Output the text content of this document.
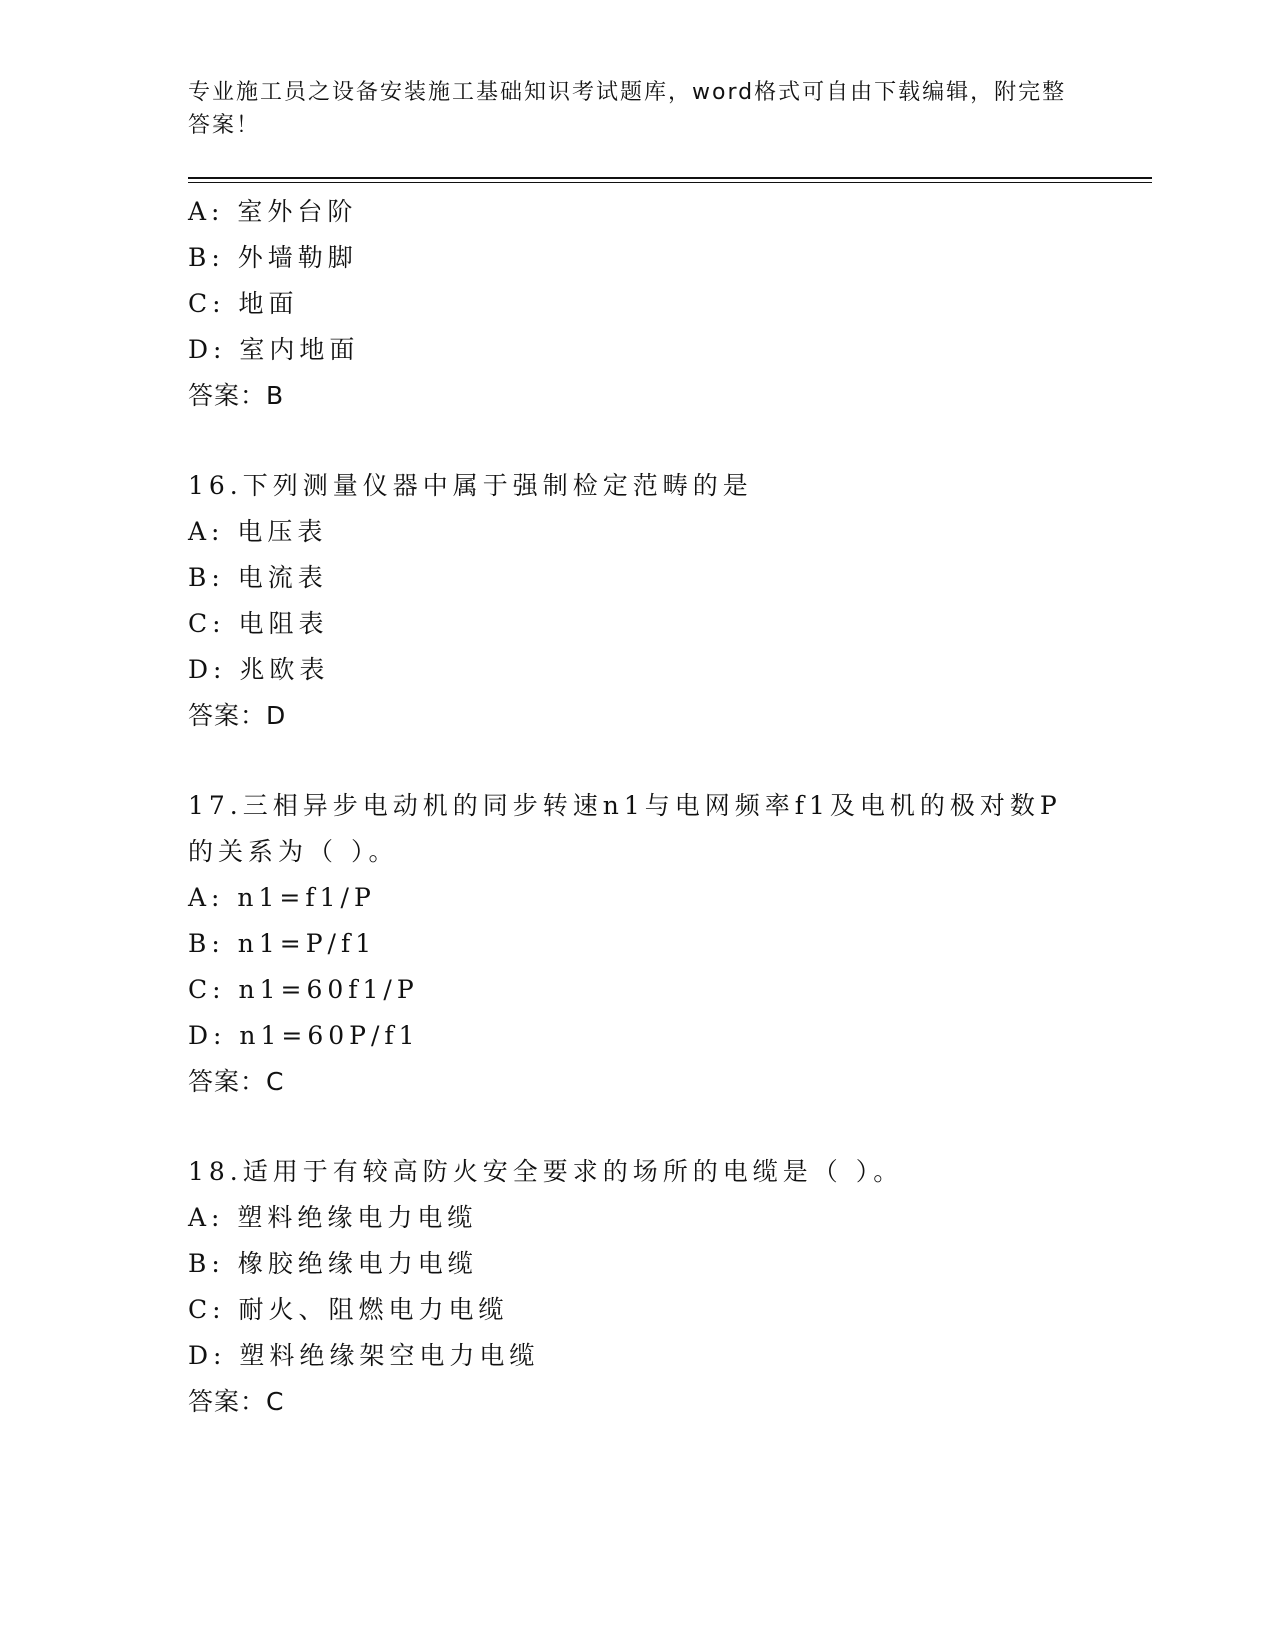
专业施工员之设备安装施工基础知识考试题库，word格式可自由下载编辑，附完整答案！
A: 室外台阶
B: 外墙勒脚
C: 地面
D: 室内地面
答案：B
16.下列测量仪器中属于强制检定范畴的是
A: 电压表
B: 电流表
C: 电阻表
D: 兆欧表
答案：D
17.三相异步电动机的同步转速n1与电网频率f1及电机的极对数P的关系为（ ）。
A: n1=f1/P
B: n1=P/f1
C: n1=60f1/P
D: n1=60P/f1
答案：C
18.适用于有较高防火安全要求的场所的电缆是（ ）。
A: 塑料绝缘电力电缆
B: 橡胶绝缘电力电缆
C: 耐火、阻燃电力电缆
D: 塑料绝缘架空电力电缆
答案：C
